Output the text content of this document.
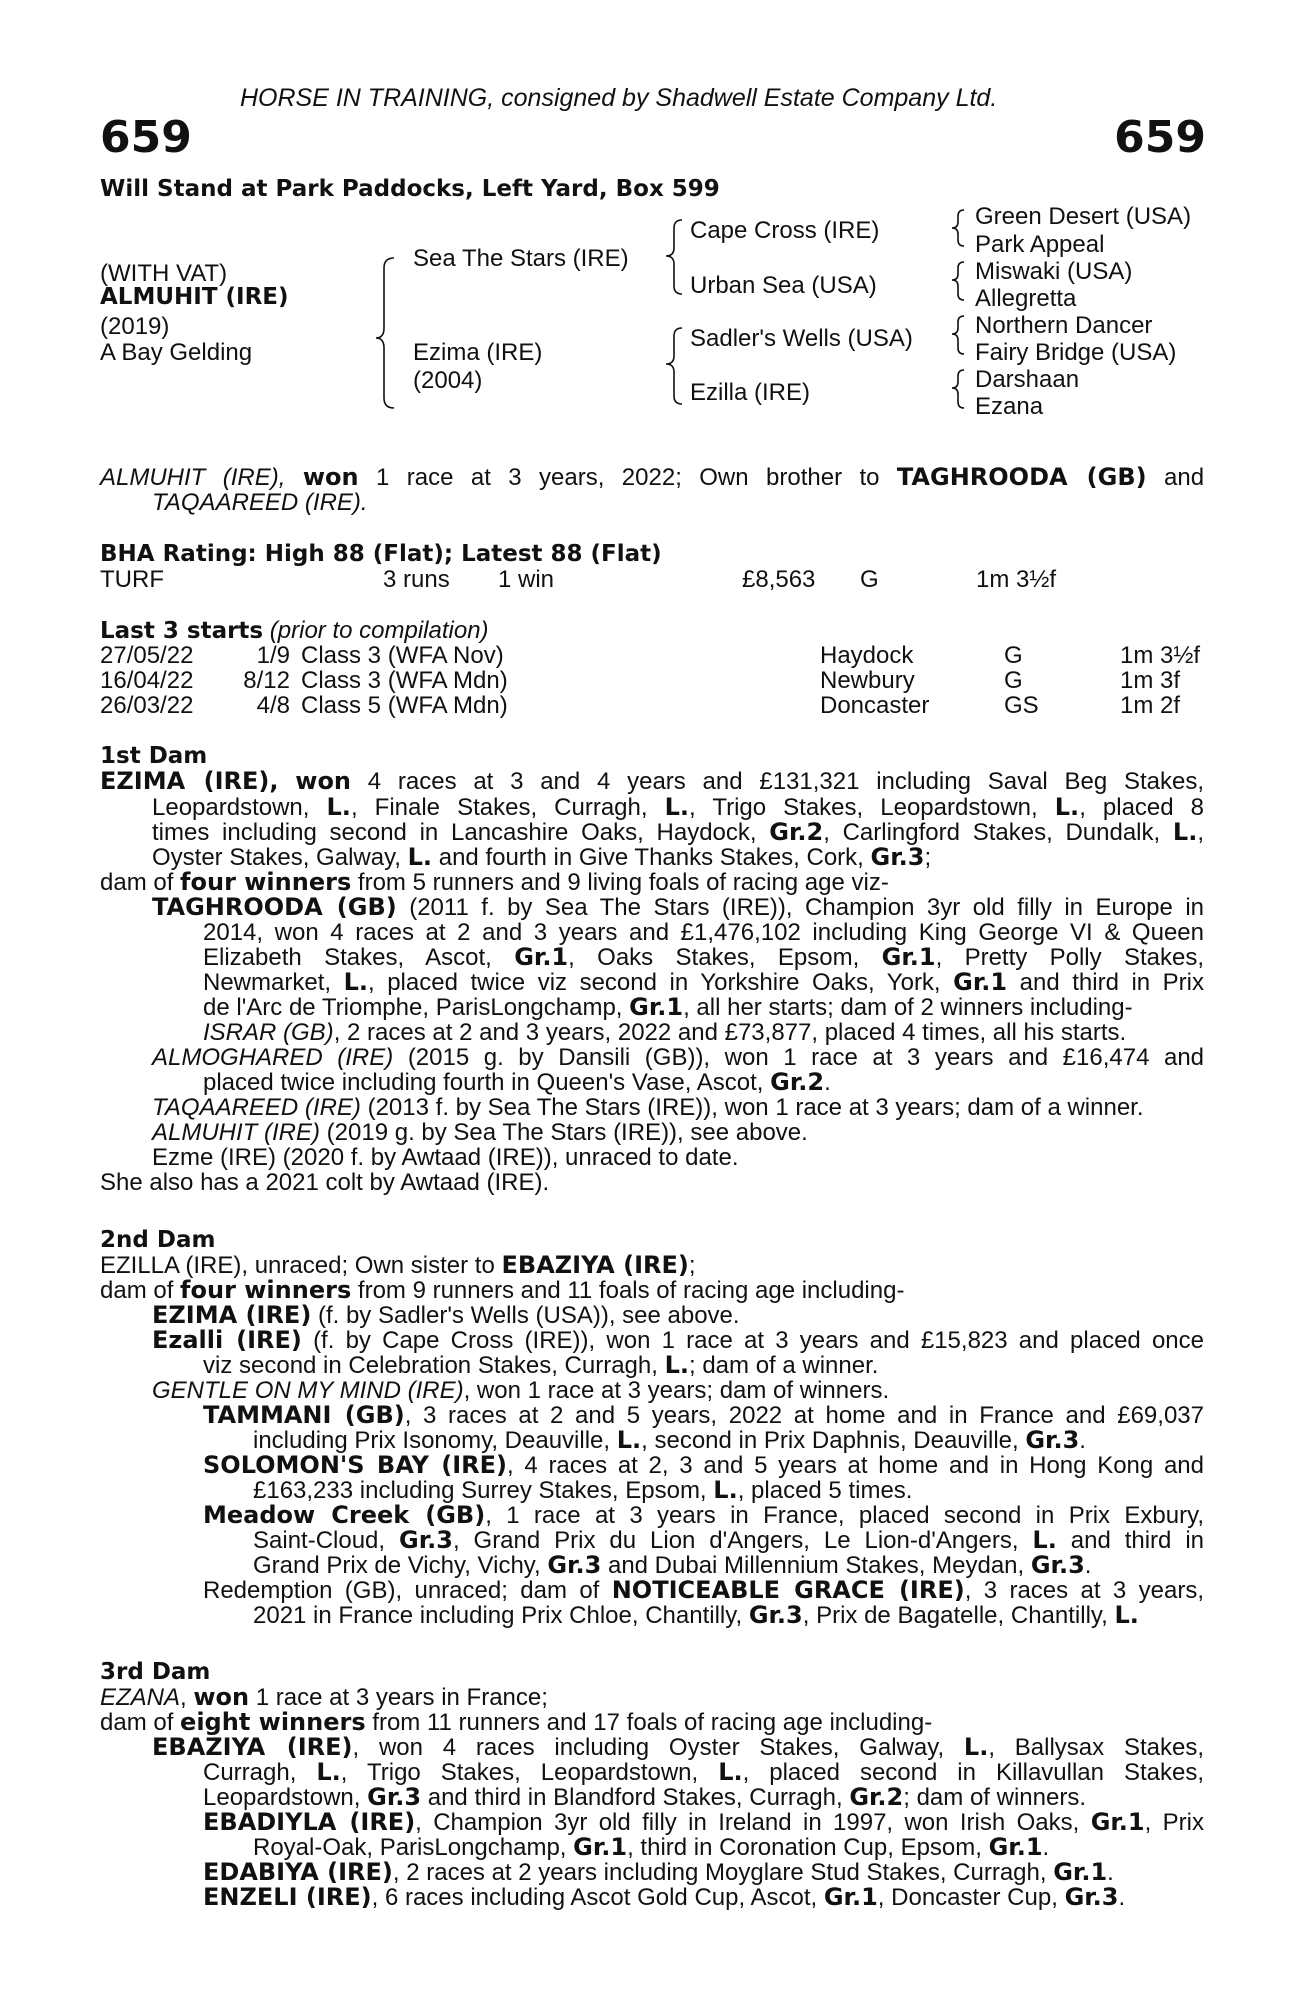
HORSE IN TRAINING, consigned by Shadwell Estate Company Ltd.
659	659
Will Stand at Park Paddocks, Left Yard, Box 599
(WITH VAT)
ALMUHIT (IRE)
(2019)
A Bay Gelding
Sea The Stars (IRE)
Ezima (IRE)
(2004)
Cape Cross (IRE)
Urban Sea (USA)
Sadler's Wells (USA)
Ezilla (IRE)
Green Desert (USA)
Park Appeal
Miswaki (USA)
Allegretta
Northern Dancer
Fairy Bridge (USA)
Darshaan
Ezana
ALMUHIT (IRE), won 1 race at 3 years, 2022; Own brother to TAGHROODA (GB) and
TAQAAREED (IRE).
BHA Rating: High 88 (Flat); Latest 88 (Flat)
TURF	3 runs 1 win	£8,563 G	1m 3½f
Last 3 starts (prior to compilation)
27/05/22	1/9 Class 3 (WFA Nov)	Haydock	G	1m 3½f
16/04/22 8/12 Class 3 (WFA Mdn)	Newbury	G	1m 3f
26/03/22	4/8 Class 5 (WFA Mdn)	Doncaster	GS	1m 2f
1st Dam
EZIMA (IRE), won 4 races at 3 and 4 years and £131,321 including Saval Beg Stakes,
Leopardstown, L., Finale Stakes, Curragh, L., Trigo Stakes, Leopardstown, L., placed 8
times including second in Lancashire Oaks, Haydock, Gr.2, Carlingford Stakes, Dundalk, L.,
Oyster Stakes, Galway, L. and fourth in Give Thanks Stakes, Cork, Gr.3;
dam of four winners from 5 runners and 9 living foals of racing age viz-
TAGHROODA (GB) (2011 f. by Sea The Stars (IRE)), Champion 3yr old filly in Europe in
2014, won 4 races at 2 and 3 years and £1,476,102 including King George VI & Queen
Elizabeth Stakes, Ascot, Gr.1, Oaks Stakes, Epsom, Gr.1, Pretty Polly Stakes,
Newmarket, L., placed twice viz second in Yorkshire Oaks, York, Gr.1 and third in Prix
de l'Arc de Triomphe, ParisLongchamp, Gr.1, all her starts; dam of 2 winners including-
ISRAR (GB), 2 races at 2 and 3 years, 2022 and £73,877, placed 4 times, all his starts.
ALMOGHARED (IRE) (2015 g. by Dansili (GB)), won 1 race at 3 years and £16,474 and
placed twice including fourth in Queen's Vase, Ascot, Gr.2.
TAQAAREED (IRE) (2013 f. by Sea The Stars (IRE)), won 1 race at 3 years; dam of a winner.
ALMUHIT (IRE) (2019 g. by Sea The Stars (IRE)), see above.
Ezme (IRE) (2020 f. by Awtaad (IRE)), unraced to date.
She also has a 2021 colt by Awtaad (IRE).
2nd Dam
EZILLA (IRE), unraced; Own sister to EBAZIYA (IRE);
dam of four winners from 9 runners and 11 foals of racing age including-
EZIMA (IRE) (f. by Sadler's Wells (USA)), see above.
Ezalli (IRE) (f. by Cape Cross (IRE)), won 1 race at 3 years and £15,823 and placed once
viz second in Celebration Stakes, Curragh, L.; dam of a winner.
GENTLE ON MY MIND (IRE), won 1 race at 3 years; dam of winners.
TAMMANI (GB), 3 races at 2 and 5 years, 2022 at home and in France and £69,037
including Prix Isonomy, Deauville, L., second in Prix Daphnis, Deauville, Gr.3.
SOLOMON'S BAY (IRE), 4 races at 2, 3 and 5 years at home and in Hong Kong and
£163,233 including Surrey Stakes, Epsom, L., placed 5 times.
Meadow Creek (GB), 1 race at 3 years in France, placed second in Prix Exbury,
Saint-Cloud, Gr.3, Grand Prix du Lion d'Angers, Le Lion-d'Angers, L. and third in
Grand Prix de Vichy, Vichy, Gr.3 and Dubai Millennium Stakes, Meydan, Gr.3.
Redemption (GB), unraced; dam of NOTICEABLE GRACE (IRE), 3 races at 3 years,
2021 in France including Prix Chloe, Chantilly, Gr.3, Prix de Bagatelle, Chantilly, L.
3rd Dam
EZANA, won 1 race at 3 years in France;
dam of eight winners from 11 runners and 17 foals of racing age including-
EBAZIYA (IRE), won 4 races including Oyster Stakes, Galway, L., Ballysax Stakes,
Curragh, L., Trigo Stakes, Leopardstown, L., placed second in Killavullan Stakes,
Leopardstown, Gr.3 and third in Blandford Stakes, Curragh, Gr.2; dam of winners.
EBADIYLA (IRE), Champion 3yr old filly in Ireland in 1997, won Irish Oaks, Gr.1, Prix
Royal-Oak, ParisLongchamp, Gr.1, third in Coronation Cup, Epsom, Gr.1.
EDABIYA (IRE), 2 races at 2 years including Moyglare Stud Stakes, Curragh, Gr.1.
ENZELI (IRE), 6 races including Ascot Gold Cup, Ascot, Gr.1, Doncaster Cup, Gr.3.
